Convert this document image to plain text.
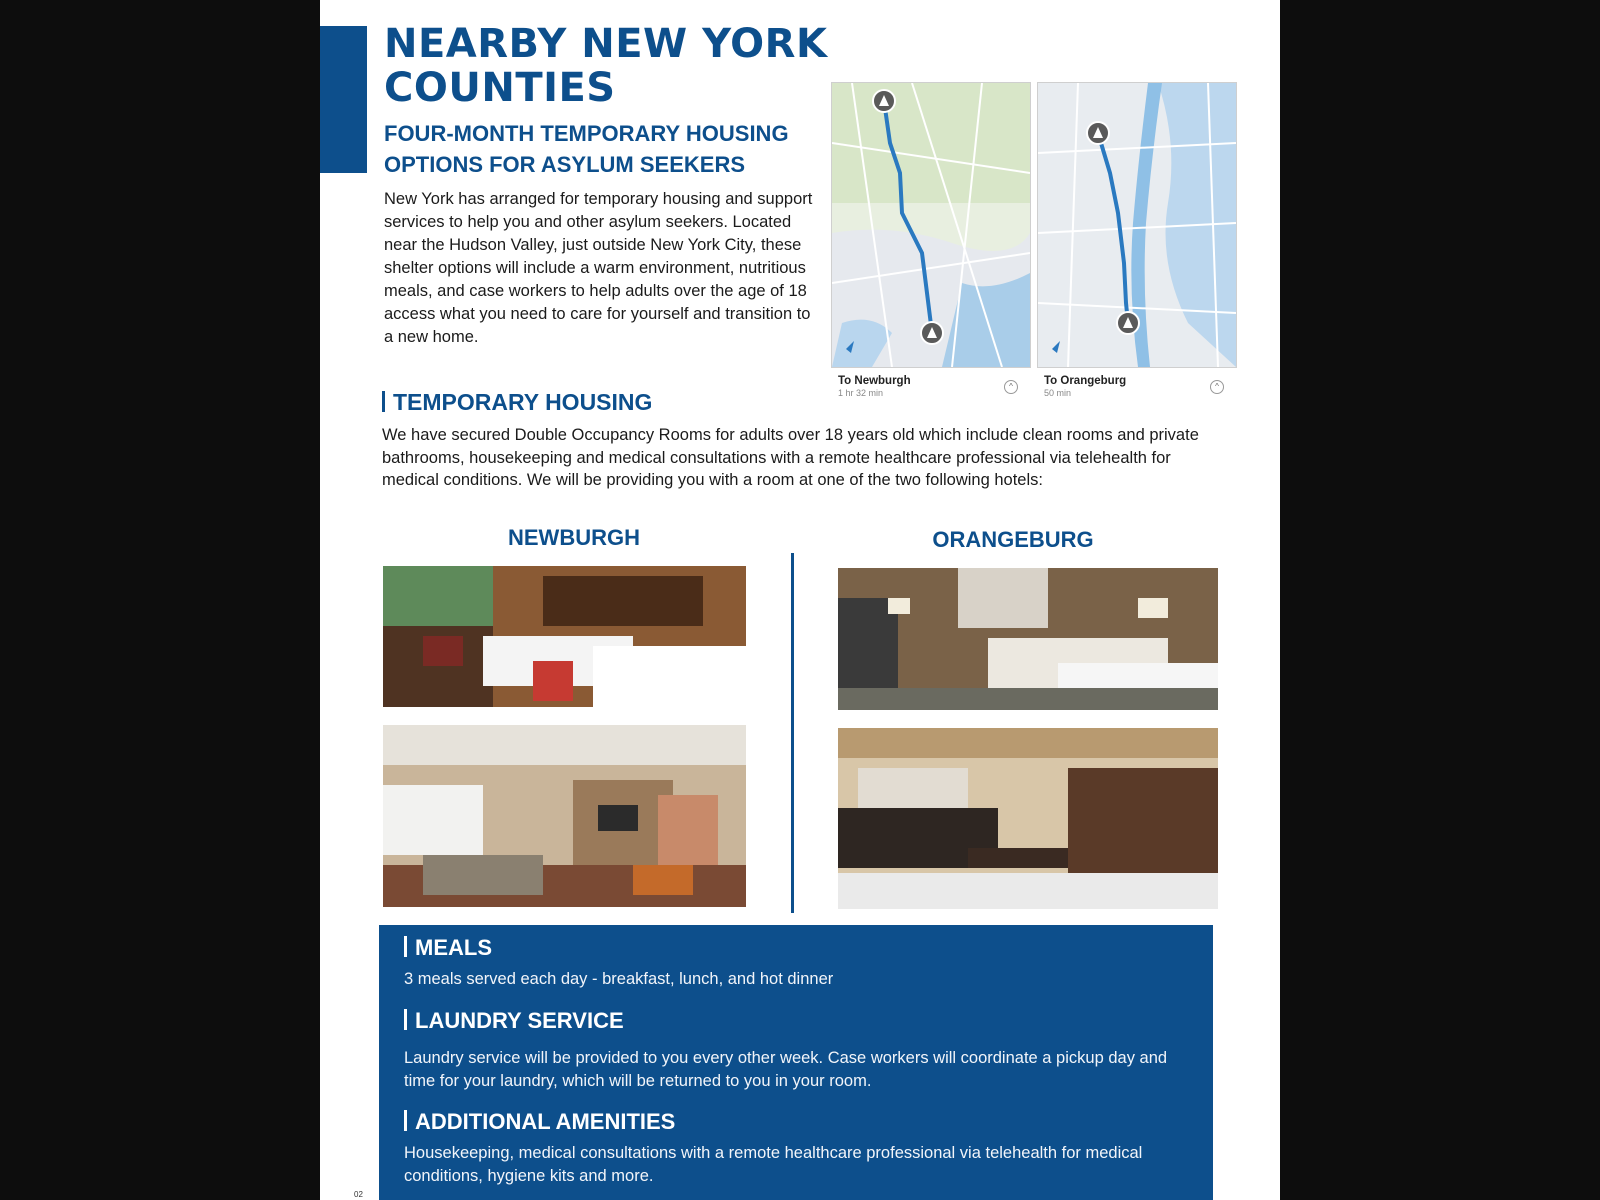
NEARBY NEW YORK COUNTIES
FOUR-MONTH TEMPORARY HOUSING OPTIONS FOR ASYLUM SEEKERS

New York has arranged for temporary housing and support services to help you and other asylum seekers. Located near the Hudson Valley, just outside New York City, these shelter options will include a warm environment, nutritious meals, and case workers to help adults over the age of 18 access what you need to care for yourself and transition to a new home.

To Newburgh
1 hr 32 min
^	To Orangeburg
50 min
^
TEMPORARY HOUSING

We have secured Double Occupancy Rooms for adults over 18 years old which include clean rooms and private bathrooms, housekeeping and medical consultations with a remote healthcare professional via telehealth for medical conditions. We will be providing you with a room at one of the two following hotels:

NEWBURGH	ORANGEBURG
MEALS

3 meals served each day - breakfast, lunch, and hot dinner

LAUNDRY SERVICE

Laundry service will be provided to you every other week. Case workers will coordinate a pickup day and time for your laundry, which will be returned to you in your room.

ADDITIONAL AMENITIES

Housekeeping, medical consultations with a remote healthcare professional via telehealth for medical conditions, hygiene kits and more.

02
